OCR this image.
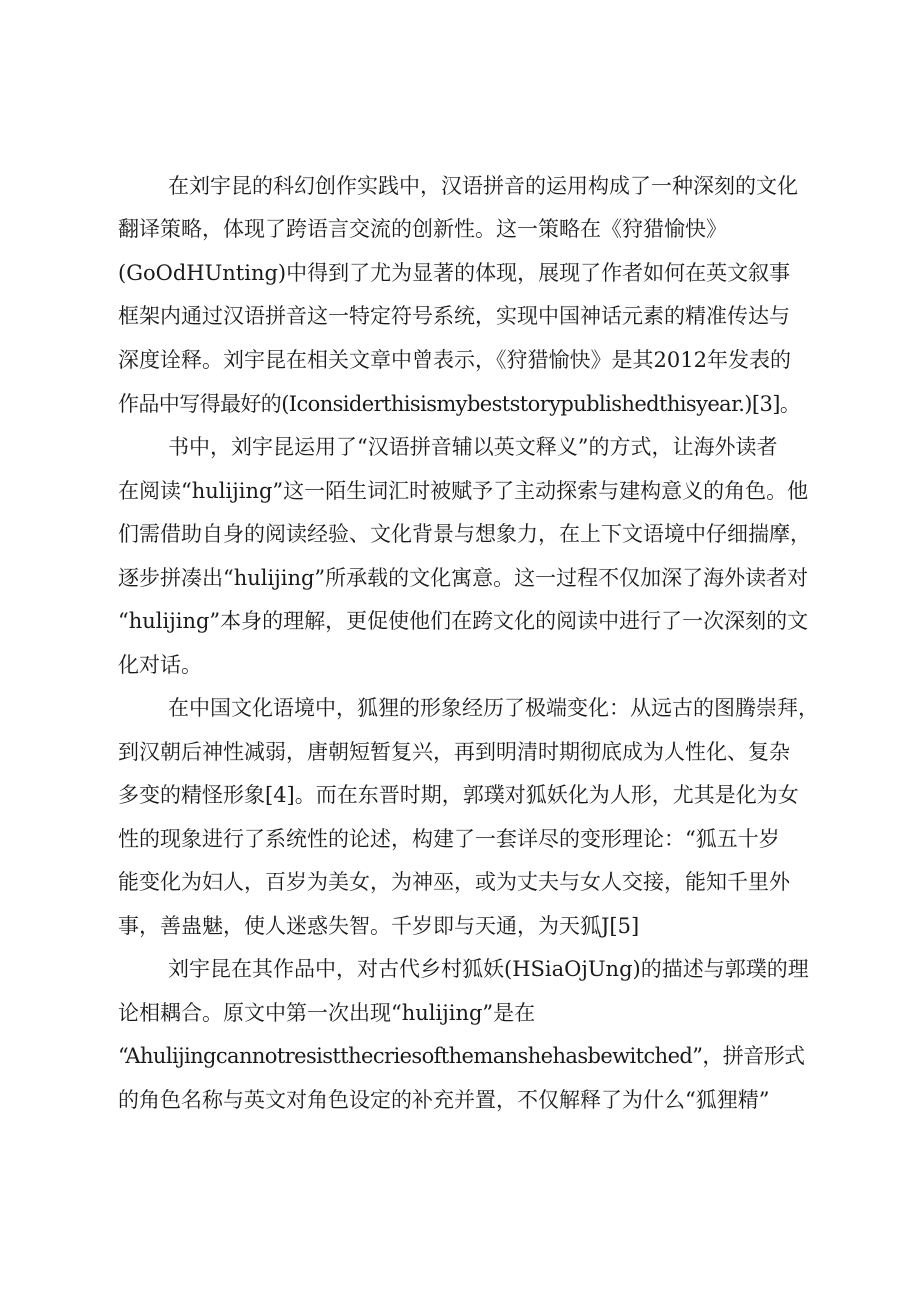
在刘宇昆的科幻创作实践中，汉语拼音的运用构成了一种深刻的文化

翻译策略，体现了跨语言交流的创新性。这一策略在《狩猎愉快》

(GoOdHUnting)中得到了尤为显著的体现，展现了作者如何在英文叙事

框架内通过汉语拼音这一特定符号系统，实现中国神话元素的精准传达与

深度诠释。刘宇昆在相关文章中曾表示，《狩猎愉快》是其2012年发表的

作品中写得最好的(Iconsiderthisismybeststorypublishedthisyear.)[3]。

书中，刘宇昆运用了“汉语拼音辅以英文释义”的方式，让海外读者

在阅读“hulijing”这一陌生词汇时被赋予了主动探索与建构意义的角色。他

们需借助自身的阅读经验、文化背景与想象力，在上下文语境中仔细揣摩，

逐步拼凑出“hulijing”所承载的文化寓意。这一过程不仅加深了海外读者对

“hulijing”本身的理解，更促使他们在跨文化的阅读中进行了一次深刻的文

化对话。

在中国文化语境中，狐狸的形象经历了极端变化：从远古的图腾崇拜，

到汉朝后神性减弱，唐朝短暂复兴，再到明清时期彻底成为人性化、复杂

多变的精怪形象[4]。而在东晋时期，郭璞对狐妖化为人形，尤其是化为女

性的现象进行了系统性的论述，构建了一套详尽的变形理论：“狐五十岁

能变化为妇人，百岁为美女，为神巫，或为丈夫与女人交接，能知千里外

事，善蛊魅，使人迷惑失智。千岁即与天通，为天狐J[5]

刘宇昆在其作品中，对古代乡村狐妖(HSiaOjUng)的描述与郭璞的理

论相耦合。原文中第一次出现“hulijing”是在

“Ahulijingcannotresistthecriesofthemanshehasbewitched”，拼音形式

的角色名称与英文对角色设定的补充并置，不仅解释了为什么“狐狸精”
